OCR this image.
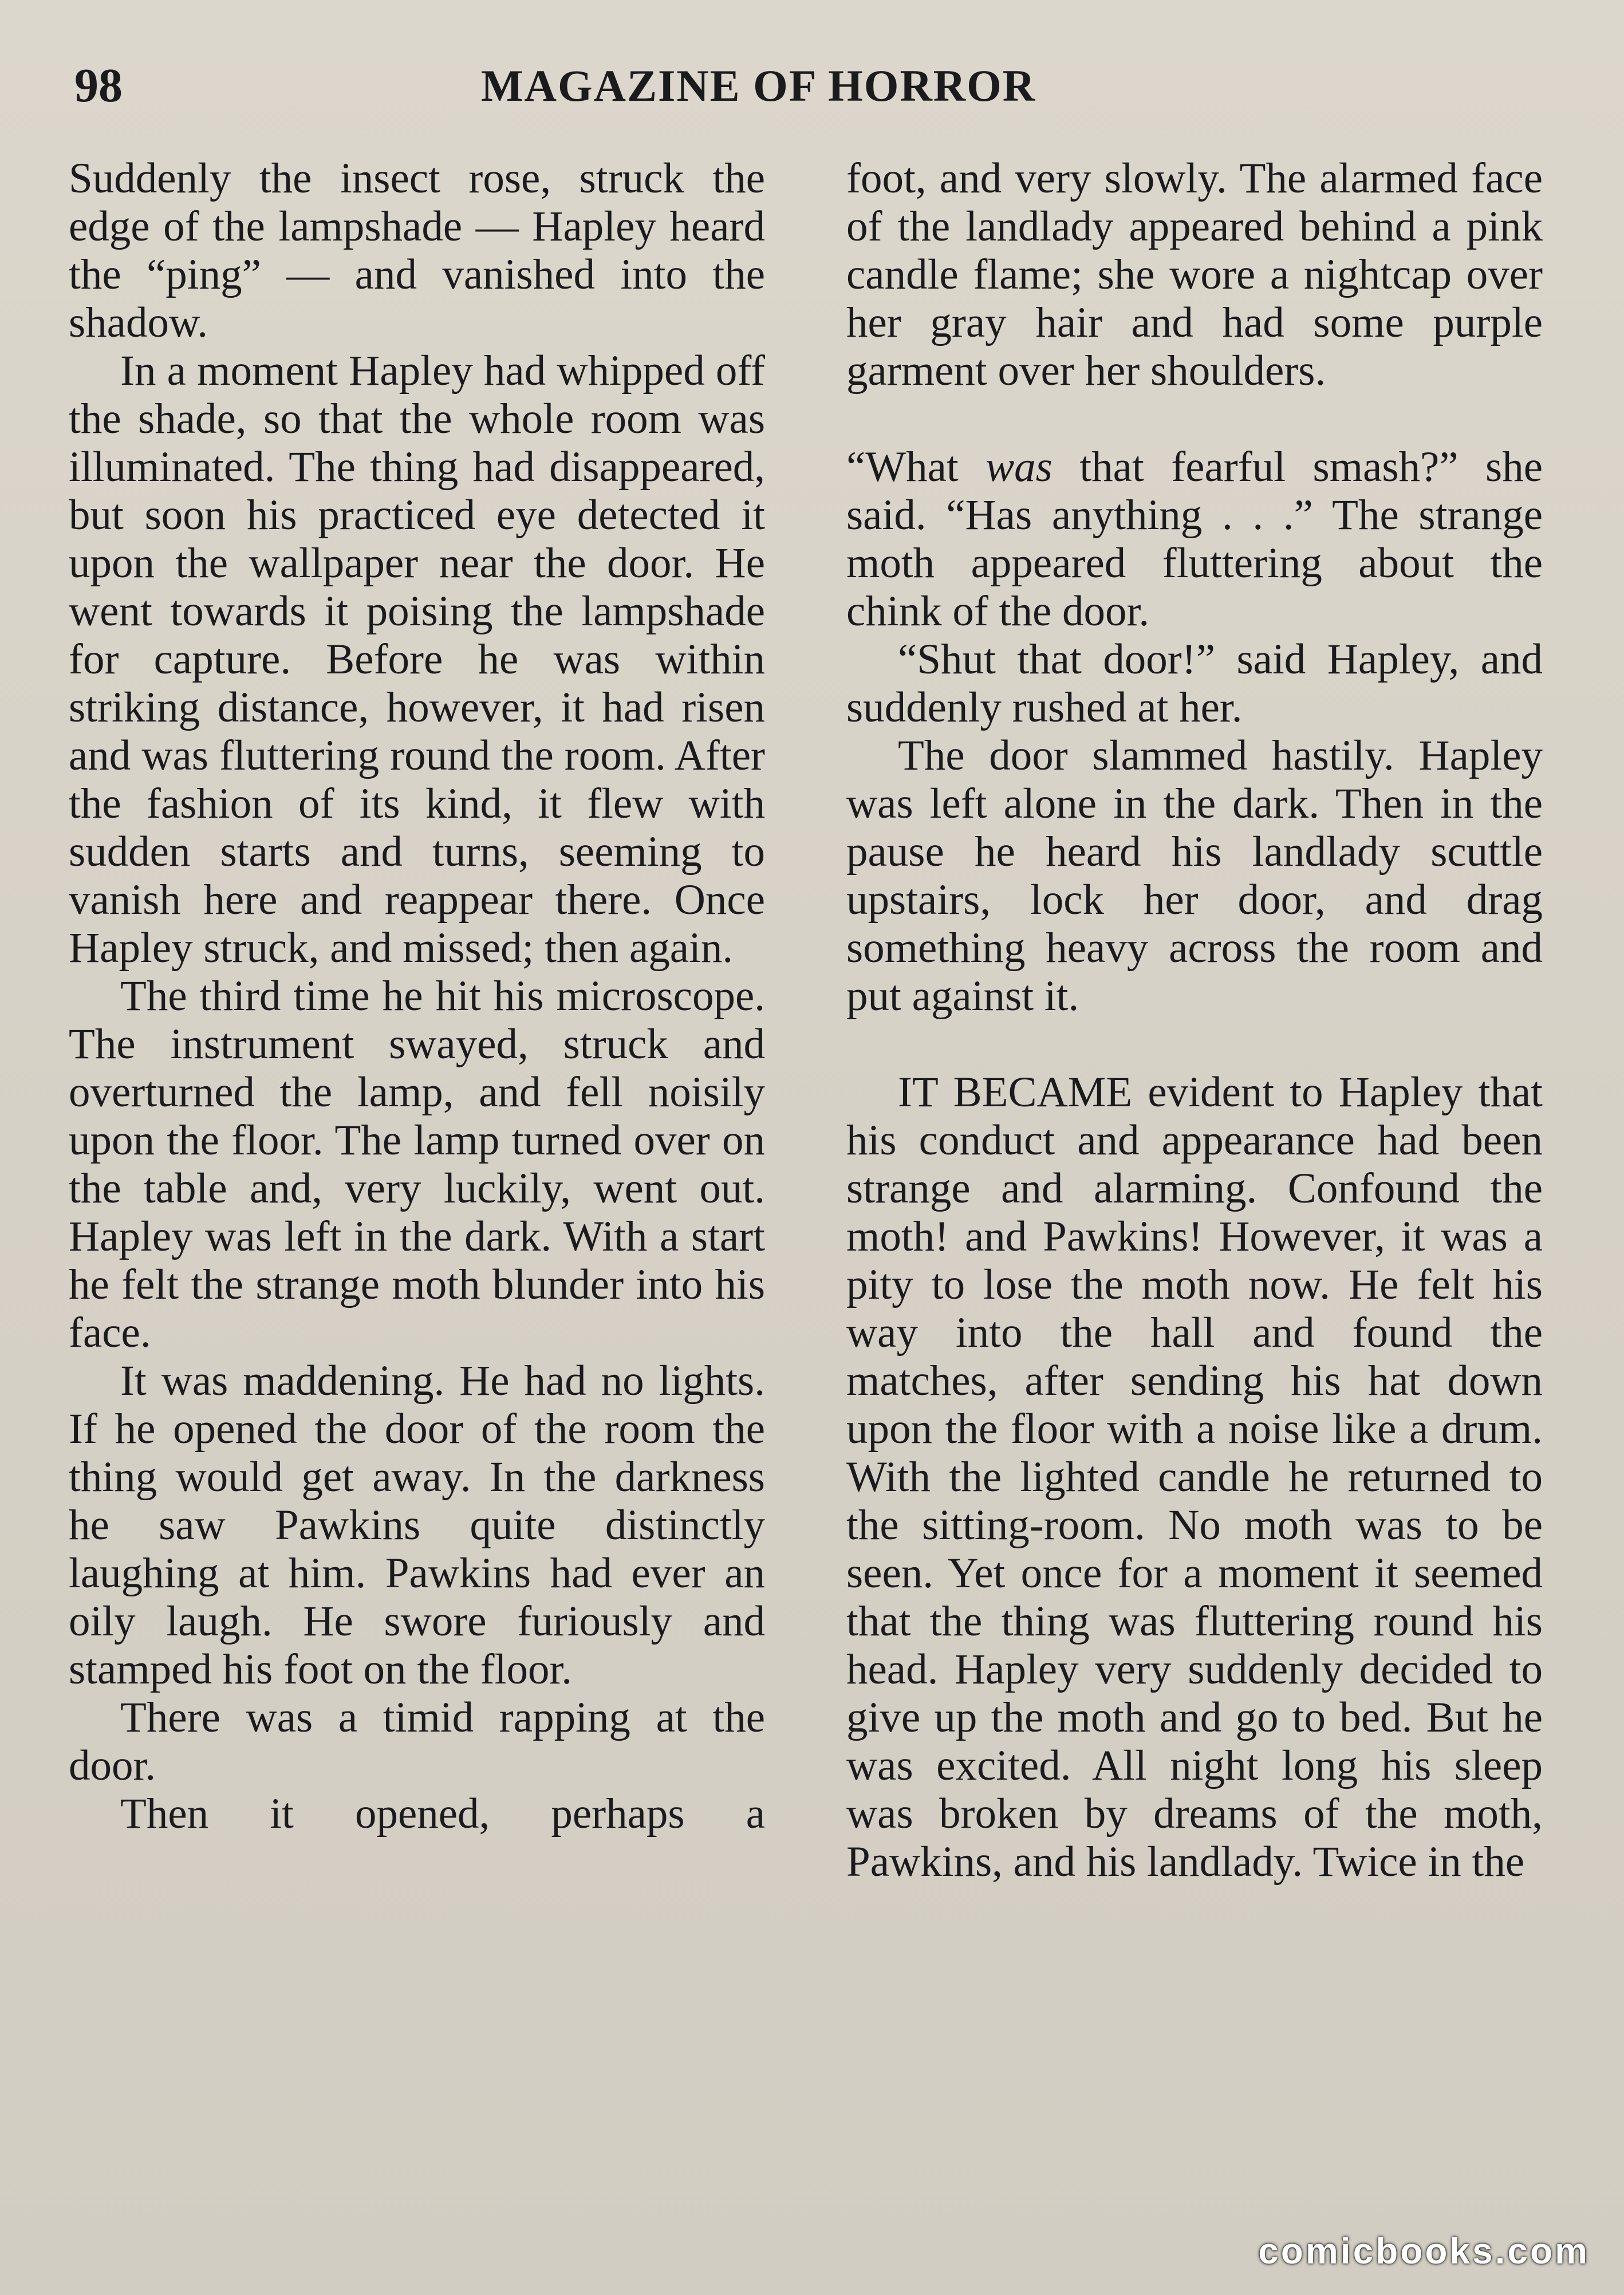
98	MAGAZINE OF HORROR

Suddenly the insect rose, struck the edge of the lampshade — Hapley heard the “ping” — and vanished into the shadow.

In a moment Hapley had whipped off the shade, so that the whole room was illuminated. The thing had disappeared, but soon his practiced eye detected it upon the wallpaper near the door. He went towards it poising the lampshade for capture. Before he was within striking distance, however, it had risen and was fluttering round the room. After the fashion of its kind, it flew with sudden starts and turns, seeming to vanish here and reappear there. Once Hapley struck, and missed; then again.

The third time he hit his microscope. The instrument swayed, struck and overturned the lamp, and fell noisily upon the floor. The lamp turned over on the table and, very luckily, went out. Hapley was left in the dark. With a start he felt the strange moth blunder into his face.

It was maddening. He had no lights. If he opened the door of the room the thing would get away. In the darkness he saw Pawkins quite distinctly laughing at him. Pawkins had ever an oily laugh. He swore furiously and stamped his foot on the floor.

There was a timid rapping at the door.

Then it opened, perhaps a

foot, and very slowly. The alarmed face of the landlady appeared behind a pink candle flame; she wore a nightcap over her gray hair and had some purple garment over her shoulders.

“What was that fearful smash?” she said. “Has anything . . .” The strange moth appeared fluttering about the chink of the door.

“Shut that door!” said Hapley, and suddenly rushed at her.

The door slammed hastily. Hapley was left alone in the dark. Then in the pause he heard his landlady scuttle upstairs, lock her door, and drag something heavy across the room and put against it.

IT BECAME evident to Hapley that his conduct and appearance had been strange and alarming. Confound the moth! and Pawkins! However, it was a pity to lose the moth now. He felt his way into the hall and found the matches, after sending his hat down upon the floor with a noise like a drum. With the lighted candle he returned to the sitting-room. No moth was to be seen. Yet once for a moment it seemed that the thing was fluttering round his head. Hapley very suddenly decided to give up the moth and go to bed. But he was excited. All night long his sleep was broken by dreams of the moth, Pawkins, and his landlady. Twice in the

comicbooks.com
